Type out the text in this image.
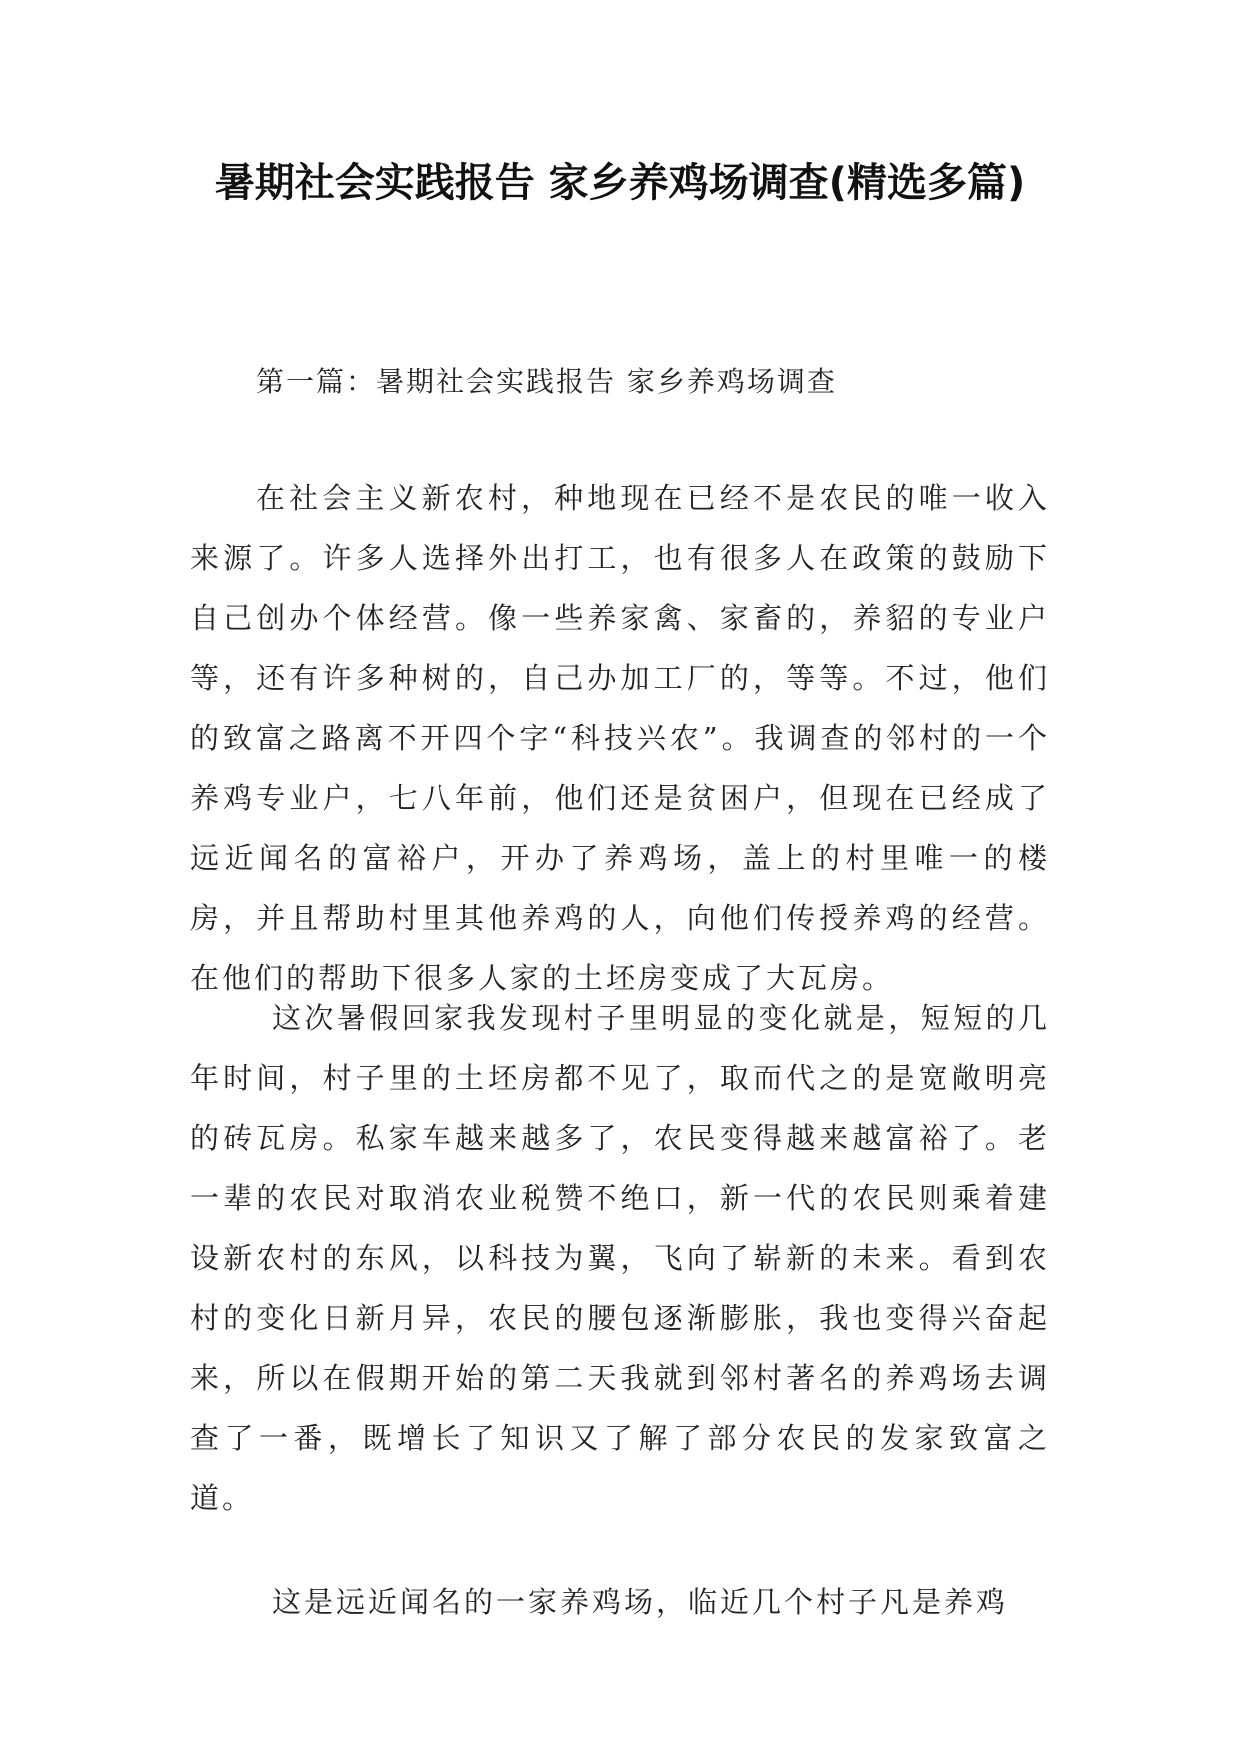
暑期社会实践报告 家乡养鸡场调查(精选多篇)

第一篇：暑期社会实践报告 家乡养鸡场调查

在社会主义新农村，种地现在已经不是农民的唯一收入来源了。许多人选择外出打工，也有很多人在政策的鼓励下自己创办个体经营。像一些养家禽、家畜的，养貂的专业户等，还有许多种树的，自己办加工厂的，等等。不过，他们的致富之路离不开四个字“科技兴农”。我调查的邻村的一个养鸡专业户，七八年前，他们还是贫困户，但现在已经成了远近闻名的富裕户，开办了养鸡场，盖上的村里唯一的楼房，并且帮助村里其他养鸡的人，向他们传授养鸡的经营。在他们的帮助下很多人家的土坯房变成了大瓦房。

这次暑假回家我发现村子里明显的变化就是，短短的几年时间，村子里的土坯房都不见了，取而代之的是宽敞明亮的砖瓦房。私家车越来越多了，农民变得越来越富裕了。老一辈的农民对取消农业税赞不绝口，新一代的农民则乘着建设新农村的东风，以科技为翼，飞向了崭新的未来。看到农村的变化日新月异，农民的腰包逐渐膨胀，我也变得兴奋起来，所以在假期开始的第二天我就到邻村著名的养鸡场去调查了一番，既增长了知识又了解了部分农民的发家致富之道。

这是远近闻名的一家养鸡场，临近几个村子凡是养鸡
